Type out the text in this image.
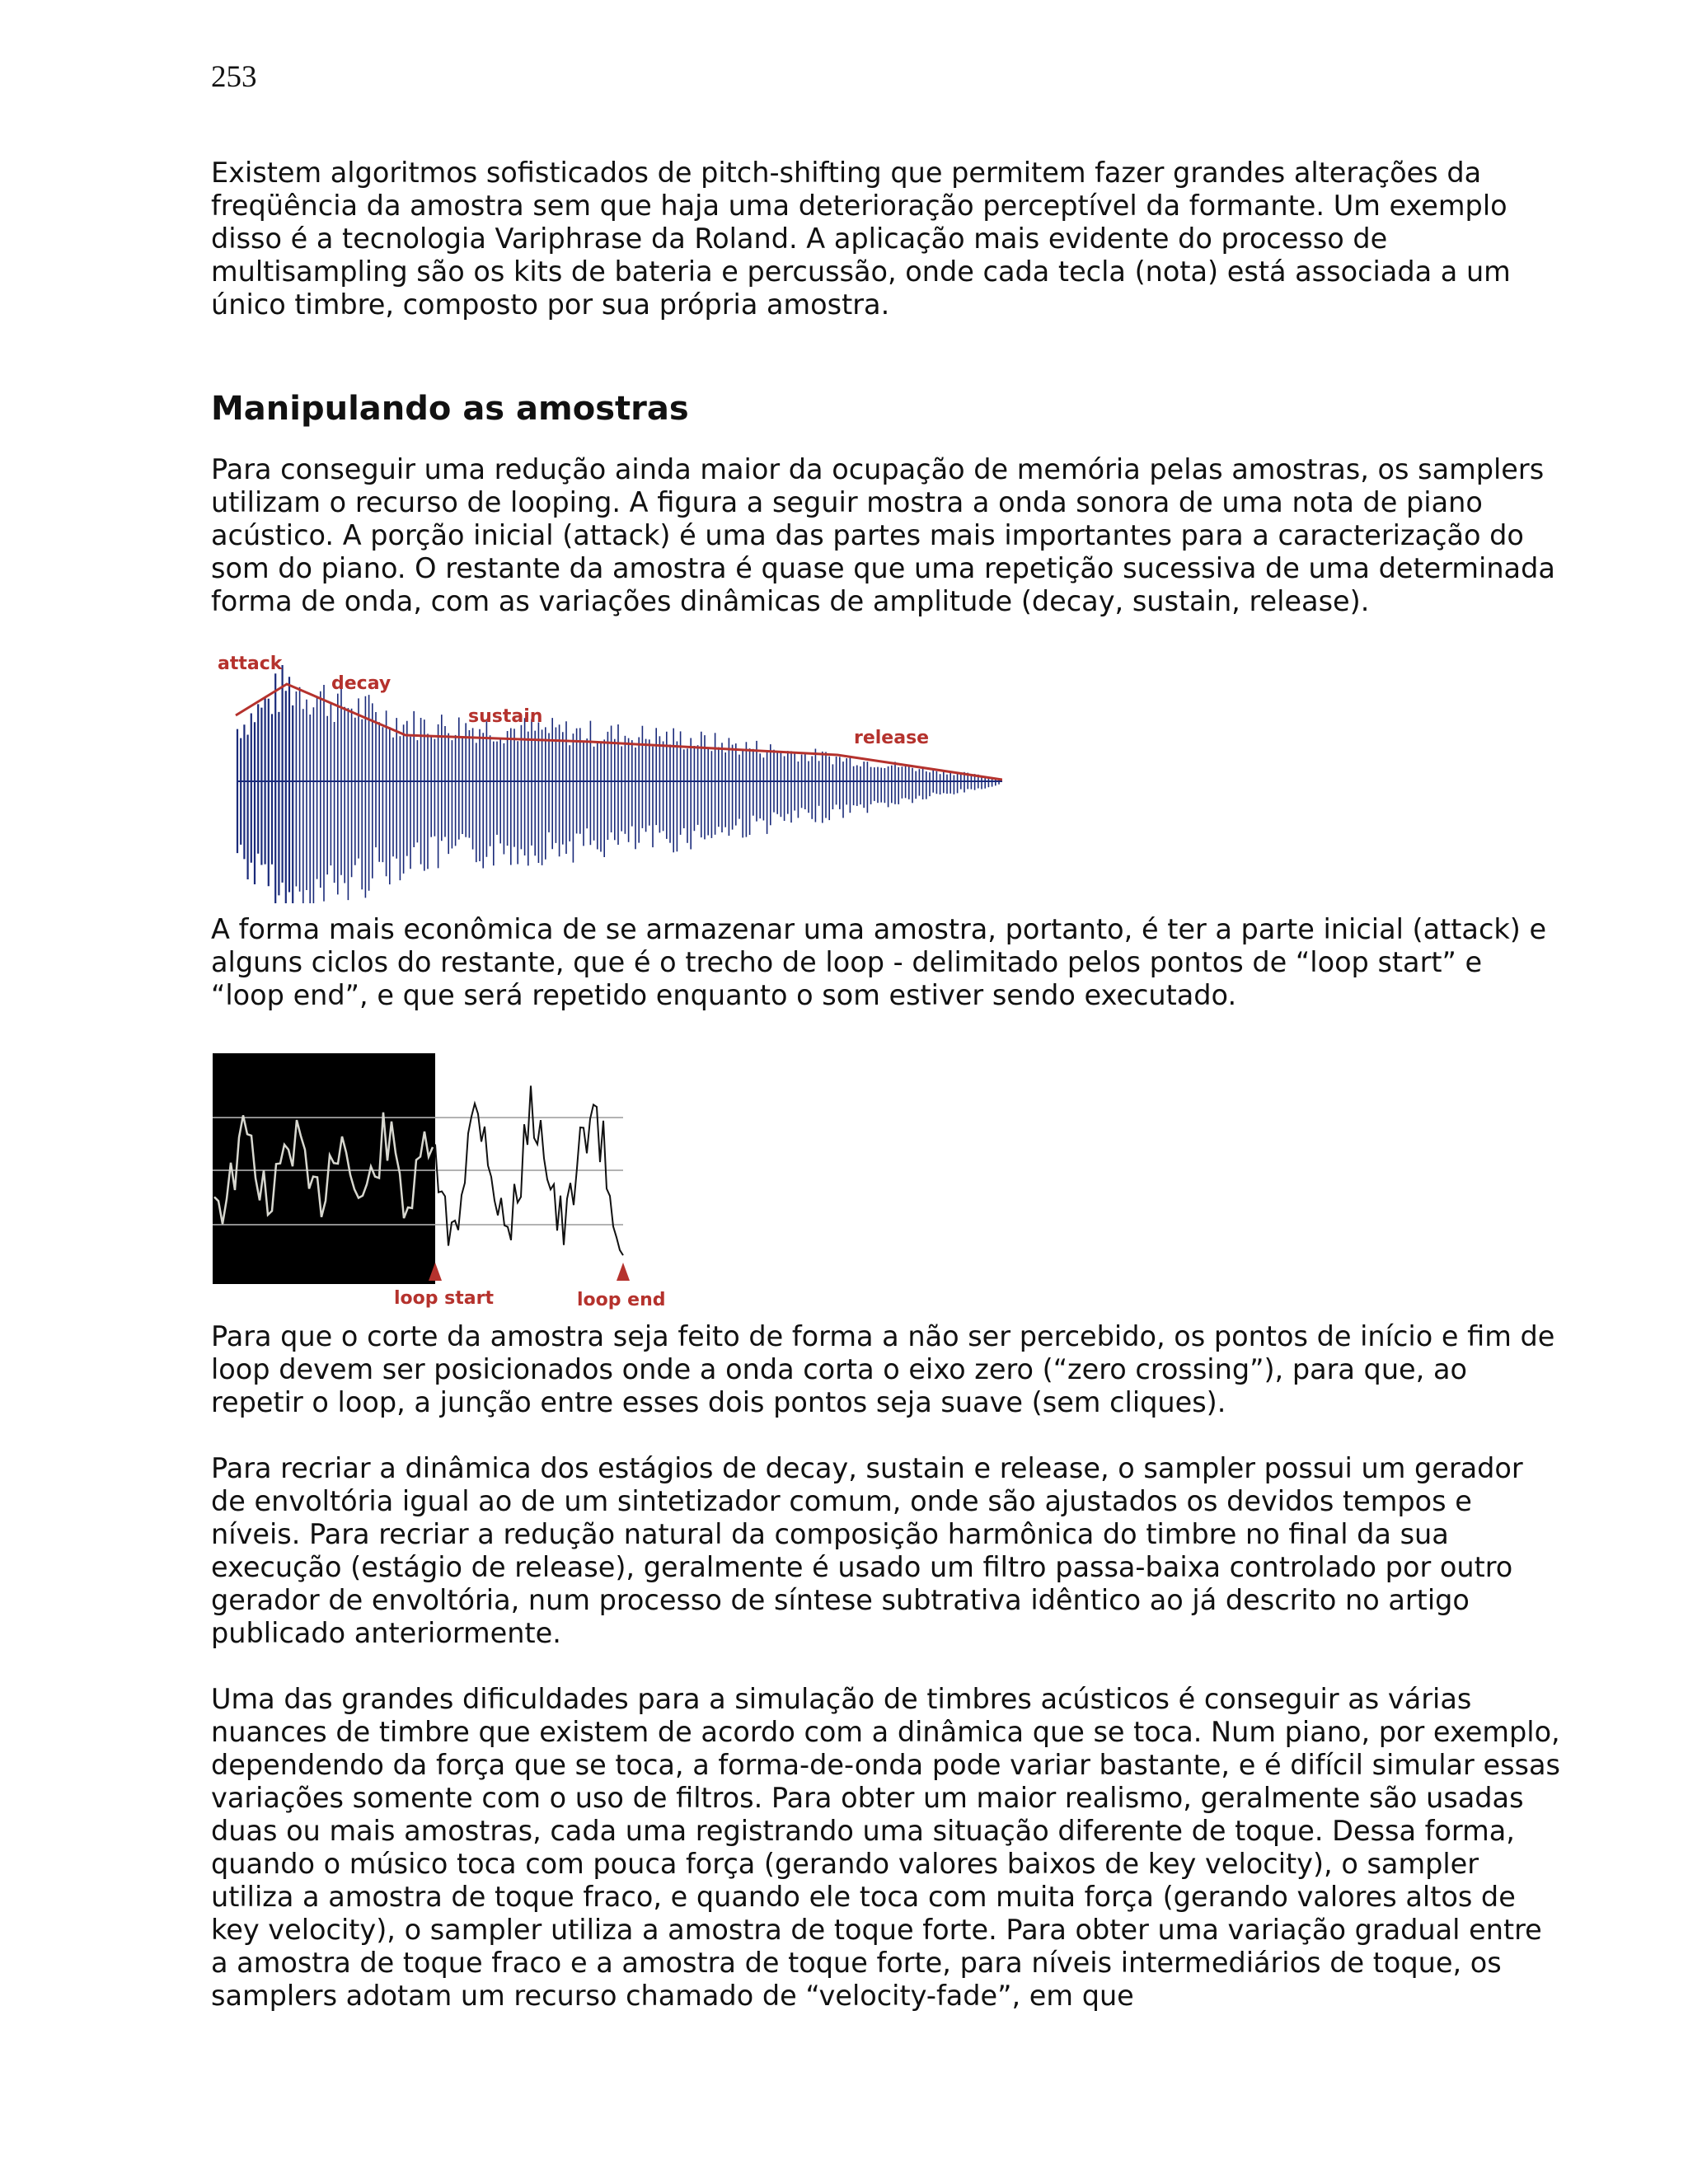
253

Existem algoritmos sofisticados de pitch-shifting que permitem fazer grandes alterações da freqüência da amostra sem que haja uma deterioração perceptível da formante. Um exemplo disso é a tecnologia Variphrase da Roland. A aplicação mais evidente do processo de multisampling são os kits de bateria e percussão, onde cada tecla (nota) está associada a um único timbre, composto por sua própria amostra.

Manipulando as amostras

Para conseguir uma redução ainda maior da ocupação de memória pelas amostras, os samplers utilizam o recurso de looping. A figura a seguir mostra a onda sonora de uma nota de piano acústico. A porção inicial (attack) é uma das partes mais importantes para a caracterização do som do piano. O restante da amostra é quase que uma repetição sucessiva de uma determinada forma de onda, com as variações dinâmicas de amplitude (decay, sustain, release).

attack
decay
sustain
release

A forma mais econômica de se armazenar uma amostra, portanto, é ter a parte inicial (attack) e alguns ciclos do restante, que é o trecho de loop - delimitado pelos pontos de “loop start” e “loop end”, e que será repetido enquanto o som estiver sendo executado.

loop start	loop end

Para que o corte da amostra seja feito de forma a não ser percebido, os pontos de início e fim de loop devem ser posicionados onde a onda corta o eixo zero (“zero crossing”), para que, ao repetir o loop, a junção entre esses dois pontos seja suave (sem cliques).

Para recriar a dinâmica dos estágios de decay, sustain e release, o sampler possui um gerador de envoltória igual ao de um sintetizador comum, onde são ajustados os devidos tempos e níveis. Para recriar a redução natural da composição harmônica do timbre no final da sua execução (estágio de release), geralmente é usado um filtro passa-baixa controlado por outro gerador de envoltória, num processo de síntese subtrativa idêntico ao já descrito no artigo publicado anteriormente.

Uma das grandes dificuldades para a simulação de timbres acústicos é conseguir as várias nuances de timbre que existem de acordo com a dinâmica que se toca. Num piano, por exemplo, dependendo da força que se toca, a forma-de-onda pode variar bastante, e é difícil simular essas variações somente com o uso de filtros. Para obter um maior realismo, geralmente são usadas duas ou mais amostras, cada uma registrando uma situação diferente de toque. Dessa forma, quando o músico toca com pouca força (gerando valores baixos de key velocity), o sampler utiliza a amostra de toque fraco, e quando ele toca com muita força (gerando valores altos de key velocity), o sampler utiliza a amostra de toque forte. Para obter uma variação gradual entre a amostra de toque fraco e a amostra de toque forte, para níveis intermediários de toque, os samplers adotam um recurso chamado de “velocity-fade”, em que
